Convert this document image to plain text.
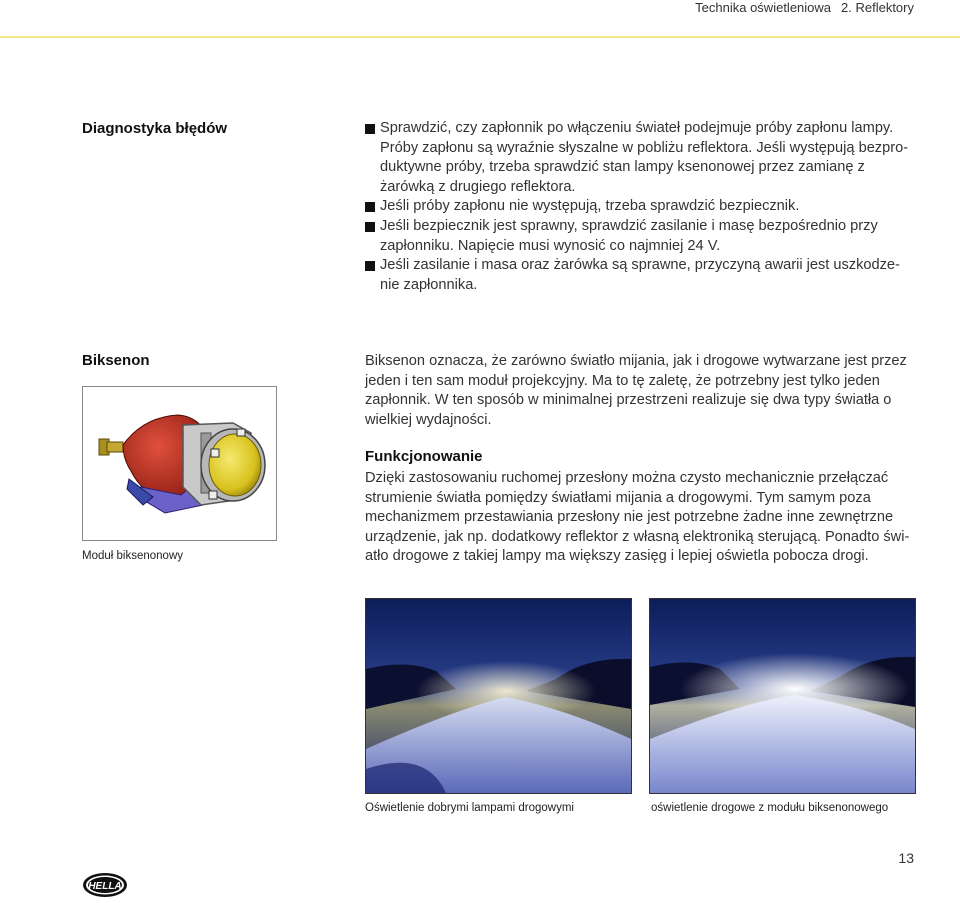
Technika oświetleniowa 2. Reflektory
Diagnostyka błędów	Sprawdzić, czy zapłonnik po włączeniu świateł podejmuje próby zapłonu lampy.
Próby zapłonu są wyraźnie słyszalne w pobliżu reflektora. Jeśli występują bezpro-
duktywne próby, trzeba sprawdzić stan lampy ksenonowej przez zamianę z
żarówką z drugiego reflektora.
Jeśli próby zapłonu nie występują, trzeba sprawdzić bezpiecznik.
Jeśli bezpiecznik jest sprawny, sprawdzić zasilanie i masę bezpośrednio przy
zapłonniku. Napięcie musi wynosić co najmniej 24 V.
Jeśli zasilanie i masa oraz żarówka są sprawne, przyczyną awarii jest uszkodze-
nie zapłonnika.
Biksenon	Biksenon oznacza, że zarówno światło mijania, jak i drogowe wytwarzane jest przez
jeden i ten sam moduł projekcyjny. Ma to tę zaletę, że potrzebny jest tylko jeden
zapłonnik. W ten sposób w minimalnej przestrzeni realizuje się dwa typy światła o
wielkiej wydajności.
Moduł biksenonowy
Funkcjonowanie
Dzięki zastosowaniu ruchomej przesłony można czysto mechanicznie przełączać
strumienie światła pomiędzy światłami mijania a drogowymi. Tym samym poza
mechanizmem przestawiania przesłony nie jest potrzebne żadne inne zewnętrzne
urządzenie, jak np. dodatkowy reflektor z własną elektroniką sterującą. Ponadto świ-
atło drogowe z takiej lampy ma większy zasięg i lepiej oświetla pobocza drogi.
Oświetlenie dobrymi lampami drogowymi	oświetlenie drogowe z modułu biksenonowego
13
HELLA
